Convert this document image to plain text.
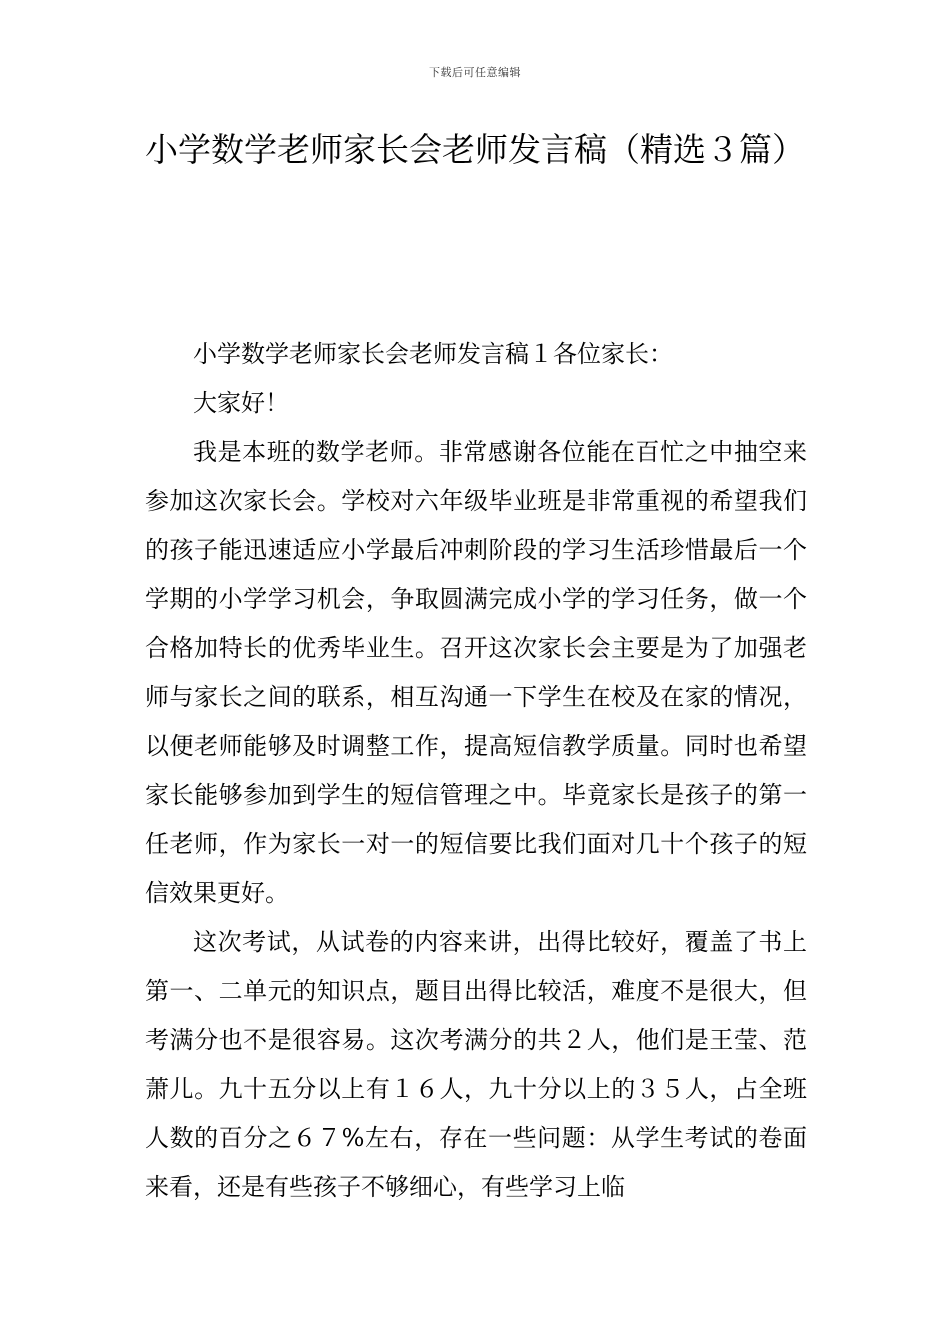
下载后可任意编辑
小学数学老师家长会老师发言稿（精选３篇）

小学数学老师家长会老师发言稿１各位家长：

大家好！

我是本班的数学老师。非常感谢各位能在百忙之中抽空来参加这次家长会。学校对六年级毕业班是非常重视的希望我们的孩子能迅速适应小学最后冲刺阶段的学习生活珍惜最后一个学期的小学学习机会，争取圆满完成小学的学习任务，做一个合格加特长的优秀毕业生。召开这次家长会主要是为了加强老师与家长之间的联系，相互沟通一下学生在校及在家的情况，以便老师能够及时调整工作，提高短信教学质量。同时也希望家长能够参加到学生的短信管理之中。毕竟家长是孩子的第一任老师，作为家长一对一的短信要比我们面对几十个孩子的短信效果更好。

这次考试，从试卷的内容来讲，出得比较好，覆盖了书上第一、二单元的知识点，题目出得比较活，难度不是很大，但考满分也不是很容易。这次考满分的共２人，他们是王莹、范萧儿。九十五分以上有１６人，九十分以上的３５人，占全班人数的百分之６７%左右，存在一些问题：从学生考试的卷面来看，还是有些孩子不够细心，有些学习上临
